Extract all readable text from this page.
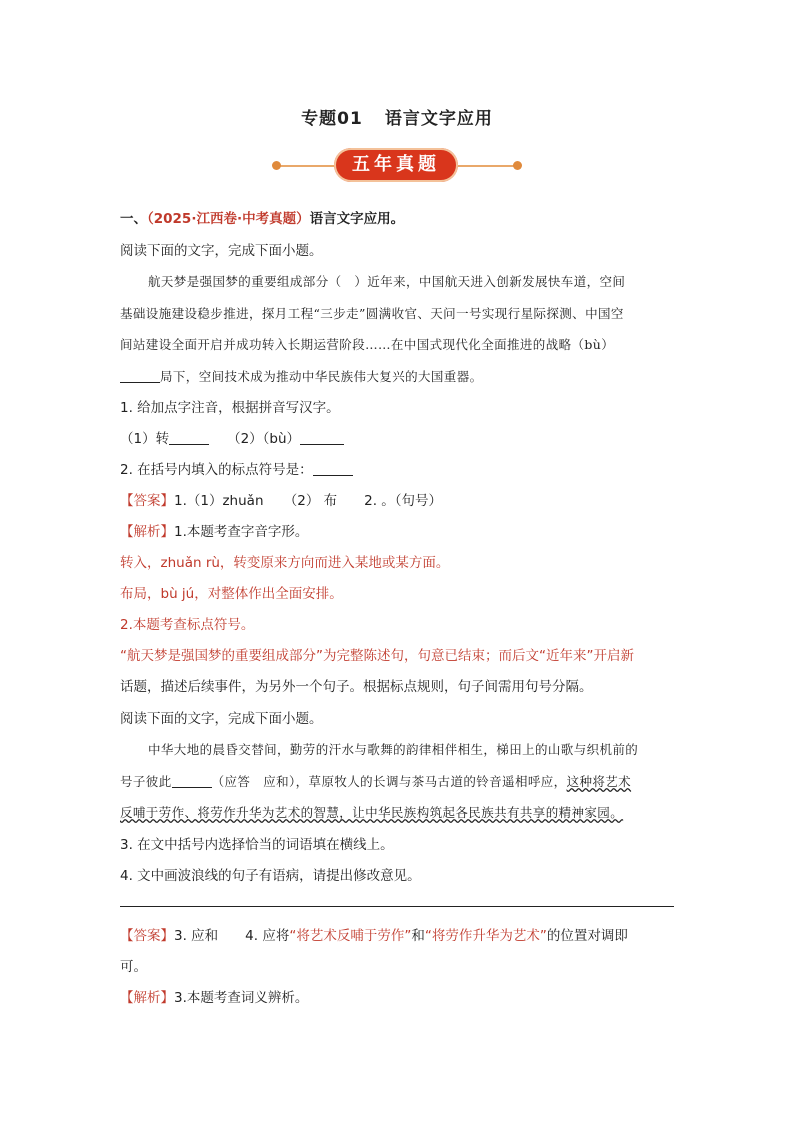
专题01 语言文字应用
五年真题
一、（2025·江西卷·中考真题）语言文字应用。
阅读下面的文字，完成下面小题。
航天梦是强国梦的重要组成部分（　）近年来，中国航天进入创新发展快车道，空间
基础设施建设稳步推进，探月工程“三步走”圆满收官、天问一号实现行星际探测、中国空
间站建设全面开启并成功转入长期运营阶段……在中国式现代化全面推进的战略（bù）
局下，空间技术成为推动中华民族伟大复兴的大国重器。
1. 给加点字注音，根据拼音写汉字。
（1）转	（2）（bù）
2. 在括号内填入的标点符号是：
【答案】1.（1）zhuǎn　　（2） 布　　2. 。（句号）
【解析】1.本题考查字音字形。
转入，zhuǎn rù，转变原来方向而进入某地或某方面。
布局，bù jú，对整体作出全面安排。
2.本题考查标点符号。
“航天梦是强国梦的重要组成部分”为完整陈述句，句意已结束；而后文“近年来”开启新
话题，描述后续事件，为另外一个句子。根据标点规则，句子间需用句号分隔。
阅读下面的文字，完成下面小题。
中华大地的晨昏交替间，勤劳的汗水与歌舞的韵律相伴相生，梯田上的山歌与织机前的
号子彼此	（应答　应和），草原牧人的长调与茶马古道的铃音遥相呼应，这种将艺术
反哺于劳作、将劳作升华为艺术的智慧，让中华民族构筑起各民族共有共享的精神家园。
3. 在文中括号内选择恰当的词语填在横线上。
4. 文中画波浪线的句子有语病，请提出修改意见。
【答案】3. 应和　　4. 应将“将艺术反哺于劳作”和“将劳作升华为艺术”的位置对调即
可。
【解析】3.本题考查词义辨析。
